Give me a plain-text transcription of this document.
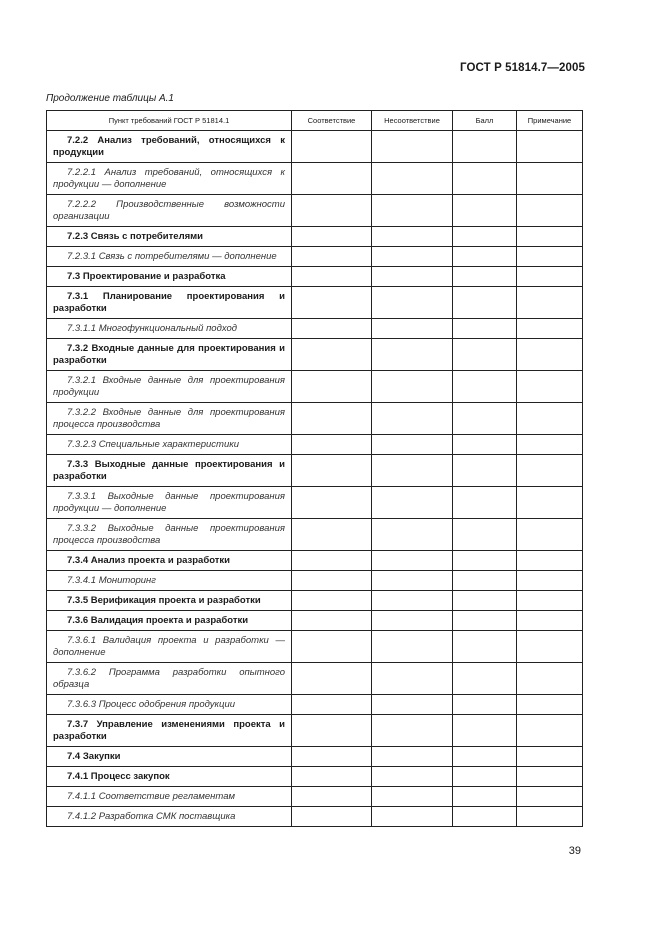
ГОСТ Р 51814.7—2005
Продолжение таблицы А.1
Пункт требований ГОСТ Р 51814.1	Соответствие	Несоответствие	Балл	Примечание
7.2.2 Анализ требований, относящихся к продукции				
7.2.2.1 Анализ требований, относящихся к продукции — дополнение				
7.2.2.2 Производственные возможности организации				
7.2.3 Связь с потребителями				
7.2.3.1 Связь с потребителями — дополнение				
7.3 Проектирование и разработка				
7.3.1 Планирование проектирования и разработки				
7.3.1.1 Многофункциональный подход				
7.3.2 Входные данные для проектирования и разработки				
7.3.2.1 Входные данные для проектирования продукции				
7.3.2.2 Входные данные для проектирования процесса производства				
7.3.2.3 Специальные характеристики				
7.3.3 Выходные данные проектирования и разработки				
7.3.3.1 Выходные данные проектирования продукции — дополнение				
7.3.3.2 Выходные данные проектирования процесса производства				
7.3.4 Анализ проекта и разработки				
7.3.4.1 Мониторинг				
7.3.5 Верификация проекта и разработки				
7.3.6 Валидация проекта и разработки				
7.3.6.1 Валидация проекта и разработки — дополнение				
7.3.6.2 Программа разработки опытного образца				
7.3.6.3 Процесс одобрения продукции				
7.3.7 Управление изменениями проекта и разработки				
7.4 Закупки				
7.4.1 Процесс закупок				
7.4.1.1 Соответствие регламентам				
7.4.1.2 Разработка СМК поставщика				
39
